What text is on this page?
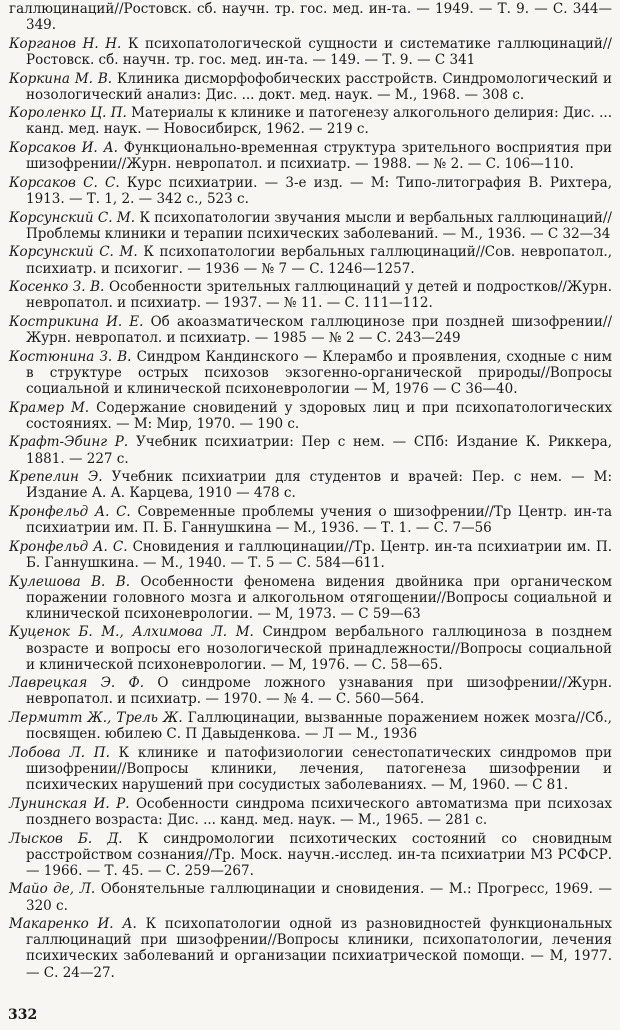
галлюцинаций//Ростовск. сб. научн. тр. гос. мед. ин-та. — 1949. — Т. 9. — С. 344—349.

Корганов Н. Н. К психопатологической сущности и систематике галлюцинаций//Ростовск. сб. научн. тр. гос. мед. ин-та. — 149. — Т. 9. — С 341

Коркина М. В. Клиника дисморфофобических расстройств. Синдромологический и нозологический анализ: Дис. ... докт. мед. наук. — М., 1968. — 308 с.

Короленко Ц. П. Материалы к клинике и патогенезу алкогольного делирия: Дис. ... канд. мед. наук. — Новосибирск, 1962. — 219 с.

Корсаков И. А. Функционально-временная структура зрительного восприятия при шизофрении//Журн. невропатол. и психиатр. — 1988. — № 2. — С. 106—110.

Корсаков С. С. Курс психиатрии. — 3-е изд. — М: Типо-литография В. Рихтера, 1913. — Т. 1, 2. — 342 с., 523 с.

Корсунский С. М. К психопатологии звучания мысли и вербальных галлюцинаций//Проблемы клиники и терапии психических заболеваний. — М., 1936. — С 32—34

Корсунский С. М. К психопатологии вербальных галлюцинаций//Сов. невропатол., психиатр. и психогиг. — 1936 — № 7 — С. 1246—1257.

Косенко З. В. Особенности зрительных галлюцинаций у детей и подростков//Журн. невропатол. и психиатр. — 1937. — № 11. — С. 111—112.

Кострикина И. Е. Об акоазматическом галлюцинозе при поздней шизофрении//Журн. невропатол. и психиатр. — 1985 — № 2 — С. 243—249

Костюнина З. В. Синдром Кандинского — Клерамбо и проявления, сходные с ним в структуре острых психозов экзогенно-органической природы//Вопросы социальной и клинической психоневрологии — М, 1976 — С 36—40.

Крамер М. Содержание сновидений у здоровых лиц и при психопатологических состояниях. — М: Мир, 1970. — 190 с.

Крафт-Эбинг Р. Учебник психиатрии: Пер с нем. — СПб: Издание К. Риккера, 1881. — 227 с.

Крепелин Э. Учебник психиатрии для студентов и врачей: Пер. с нем. — М: Издание А. А. Карцева, 1910 — 478 с.

Кронфельд А. С. Современные проблемы учения о шизофрении//Тр Центр. ин-та психиатрии им. П. Б. Ганнушкина — М., 1936. — Т. 1. — С. 7—56

Кронфельд А. С. Сновидения и галлюцинации//Тр. Центр. ин-та психиатрии им. П. Б. Ганнушкина. — М., 1940. — Т. 5 — С. 584—611.

Кулешова В. В. Особенности феномена видения двойника при органическом поражении головного мозга и алкогольном отягощении//Вопросы социальной и клинической психоневрологии. — М, 1973. — С 59—63

Куценок Б. М., Алхимова Л. М. Синдром вербального галлюциноза в позднем возрасте и вопросы его нозологической принадлежности//Вопросы социальной и клинической психоневрологии. — М, 1976. — С. 58—65.

Лаврецкая Э. Ф. О синдроме ложного узнавания при шизофрении//Журн. невропатол. и психиатр. — 1970. — № 4. — С. 560—564.

Лермитт Ж., Трель Ж. Галлюцинации, вызванные поражением ножек мозга//Сб., посвящен. юбилею С. П Давыденкова. — Л — М., 1936

Лобова Л. П. К клинике и патофизиологии сенестопатических синдромов при шизофрении//Вопросы клиники, лечения, патогенеза шизофрении и психических нарушений при сосудистых заболеваниях. — М, 1960. — С 81.

Лунинская И. Р. Особенности синдрома психического автоматизма при психозах позднего возраста: Дис. ... канд. мед. наук. — М., 1965. — 281 с.

Лысков Б. Д. К синдромологии психотических состояний со сновидным расстройством сознания//Тр. Моск. научн.-исслед. ин-та психиатрии МЗ РСФСР. — 1966. — Т. 45. — С. 259—267.

Майо де, Л. Обонятельные галлюцинации и сновидения. — М.: Прогресс, 1969. — 320 с.

Макаренко И. А. К психопатологии одной из разновидностей функциональных галлюцинаций при шизофрении//Вопросы клиники, психопатологии, лечения психических заболеваний и организации психиатрической помощи. — М, 1977. — С. 24—27.

332
